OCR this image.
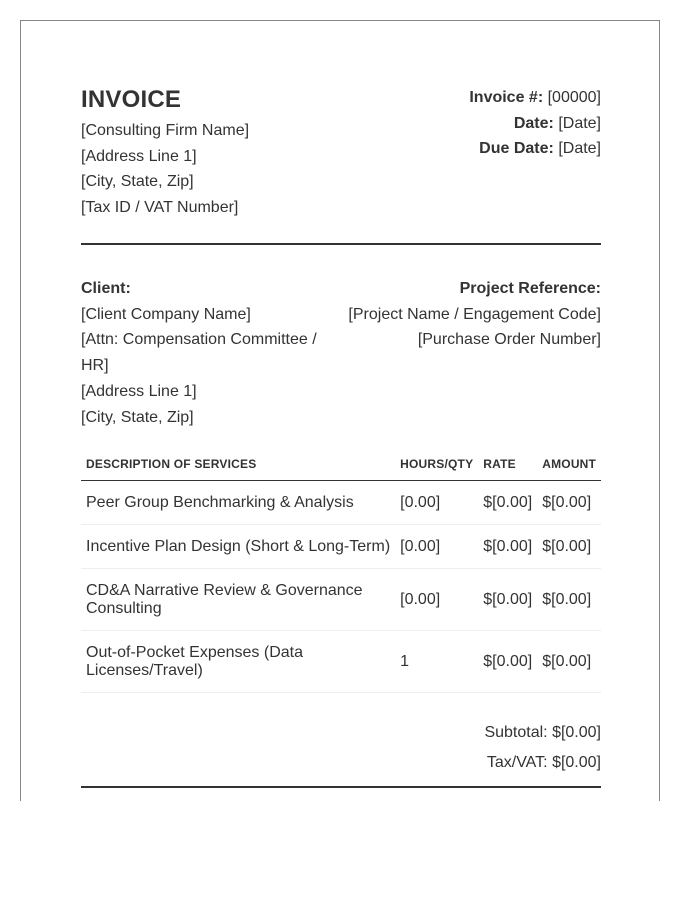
INVOICE
[Consulting Firm Name]
[Address Line 1]
[City, State, Zip]
[Tax ID / VAT Number]
Invoice #: [00000]
Date: [Date]
Due Date: [Date]
Client:
[Client Company Name]
[Attn: Compensation Committee / HR]
[Address Line 1]
[City, State, Zip]
Project Reference:
[Project Name / Engagement Code]
[Purchase Order Number]
DESCRIPTION OF SERVICES	HOURS/QTY	RATE	AMOUNT
Peer Group Benchmarking & Analysis	[0.00]	$[0.00]	$[0.00]
Incentive Plan Design (Short & Long-Term)	[0.00]	$[0.00]	$[0.00]
CD&A Narrative Review & Governance Consulting	[0.00]	$[0.00]	$[0.00]
Out-of-Pocket Expenses (Data Licenses/Travel)	1	$[0.00]	$[0.00]
Subtotal: $[0.00]
Tax/VAT: $[0.00]
